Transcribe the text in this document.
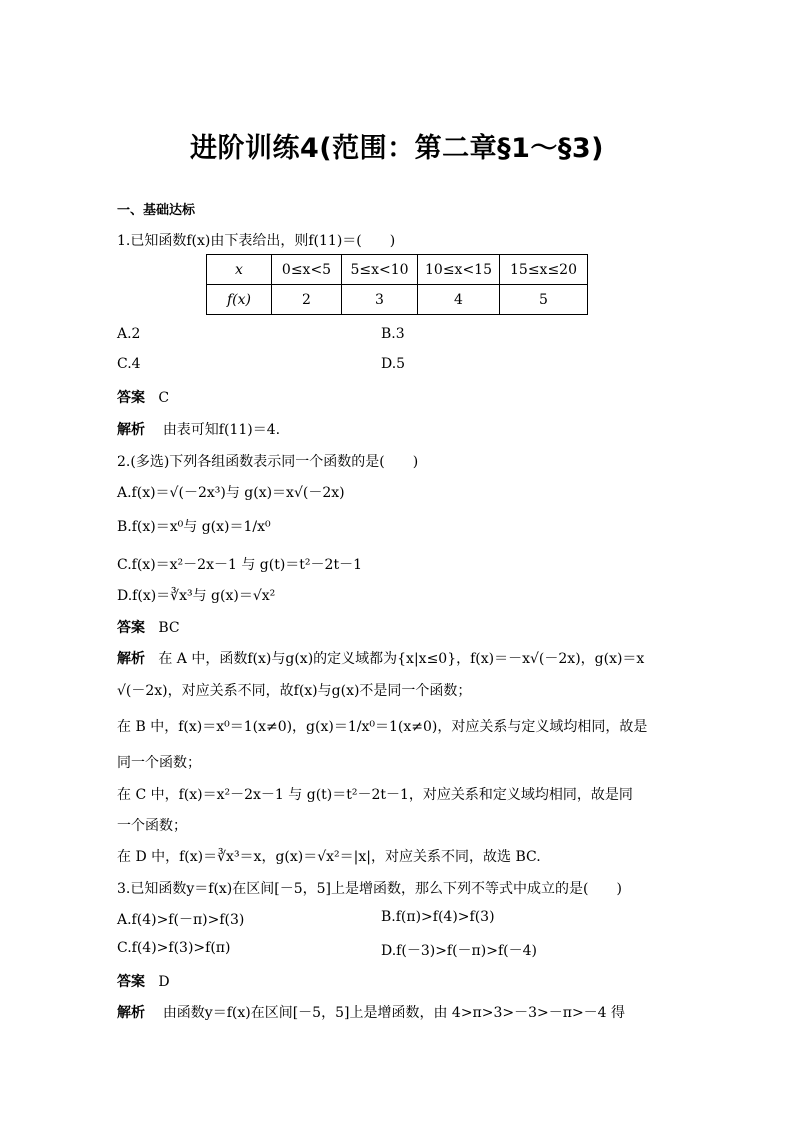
进阶训练4(范围：第二章§1～§3)
一、基础达标
1.已知函数f(x)由下表给出，则f(11)＝(　　)
x	0≤x<5	5≤x<10	10≤x<15	15≤x≤20
f(x)	2	3	4	5
A.2	B.3
C.4	D.5
答案 C
解析 由表可知f(11)＝4.
2.(多选)下列各组函数表示同一个函数的是(　　)
A.f(x)＝√(－2x³)与 g(x)＝x√(－2x)
B.f(x)＝x⁰与 g(x)＝1/x⁰
C.f(x)＝x²－2x－1 与 g(t)＝t²－2t－1
D.f(x)＝∛x³与 g(x)＝√x²
答案 BC
解析 在 A 中，函数f(x)与g(x)的定义域都为{x|x≤0}，f(x)＝－x√(－2x)，g(x)＝x
√(－2x)，对应关系不同，故f(x)与g(x)不是同一个函数；
在 B 中，f(x)＝x⁰＝1(x≠0)，g(x)＝1/x⁰＝1(x≠0)，对应关系与定义域均相同，故是
同一个函数；
在 C 中，f(x)＝x²－2x－1 与 g(t)＝t²－2t－1，对应关系和定义域均相同，故是同
一个函数；
在 D 中，f(x)＝∛x³＝x，g(x)＝√x²＝|x|，对应关系不同，故选 BC.
3.已知函数y＝f(x)在区间[－5，5]上是增函数，那么下列不等式中成立的是(　　)
A.f(4)>f(－π)>f(3)	B.f(π)>f(4)>f(3)
C.f(4)>f(3)>f(π)	D.f(－3)>f(－π)>f(－4)
答案 D
解析 由函数y＝f(x)在区间[－5，5]上是增函数，由 4>π>3>－3>－π>－4 得
